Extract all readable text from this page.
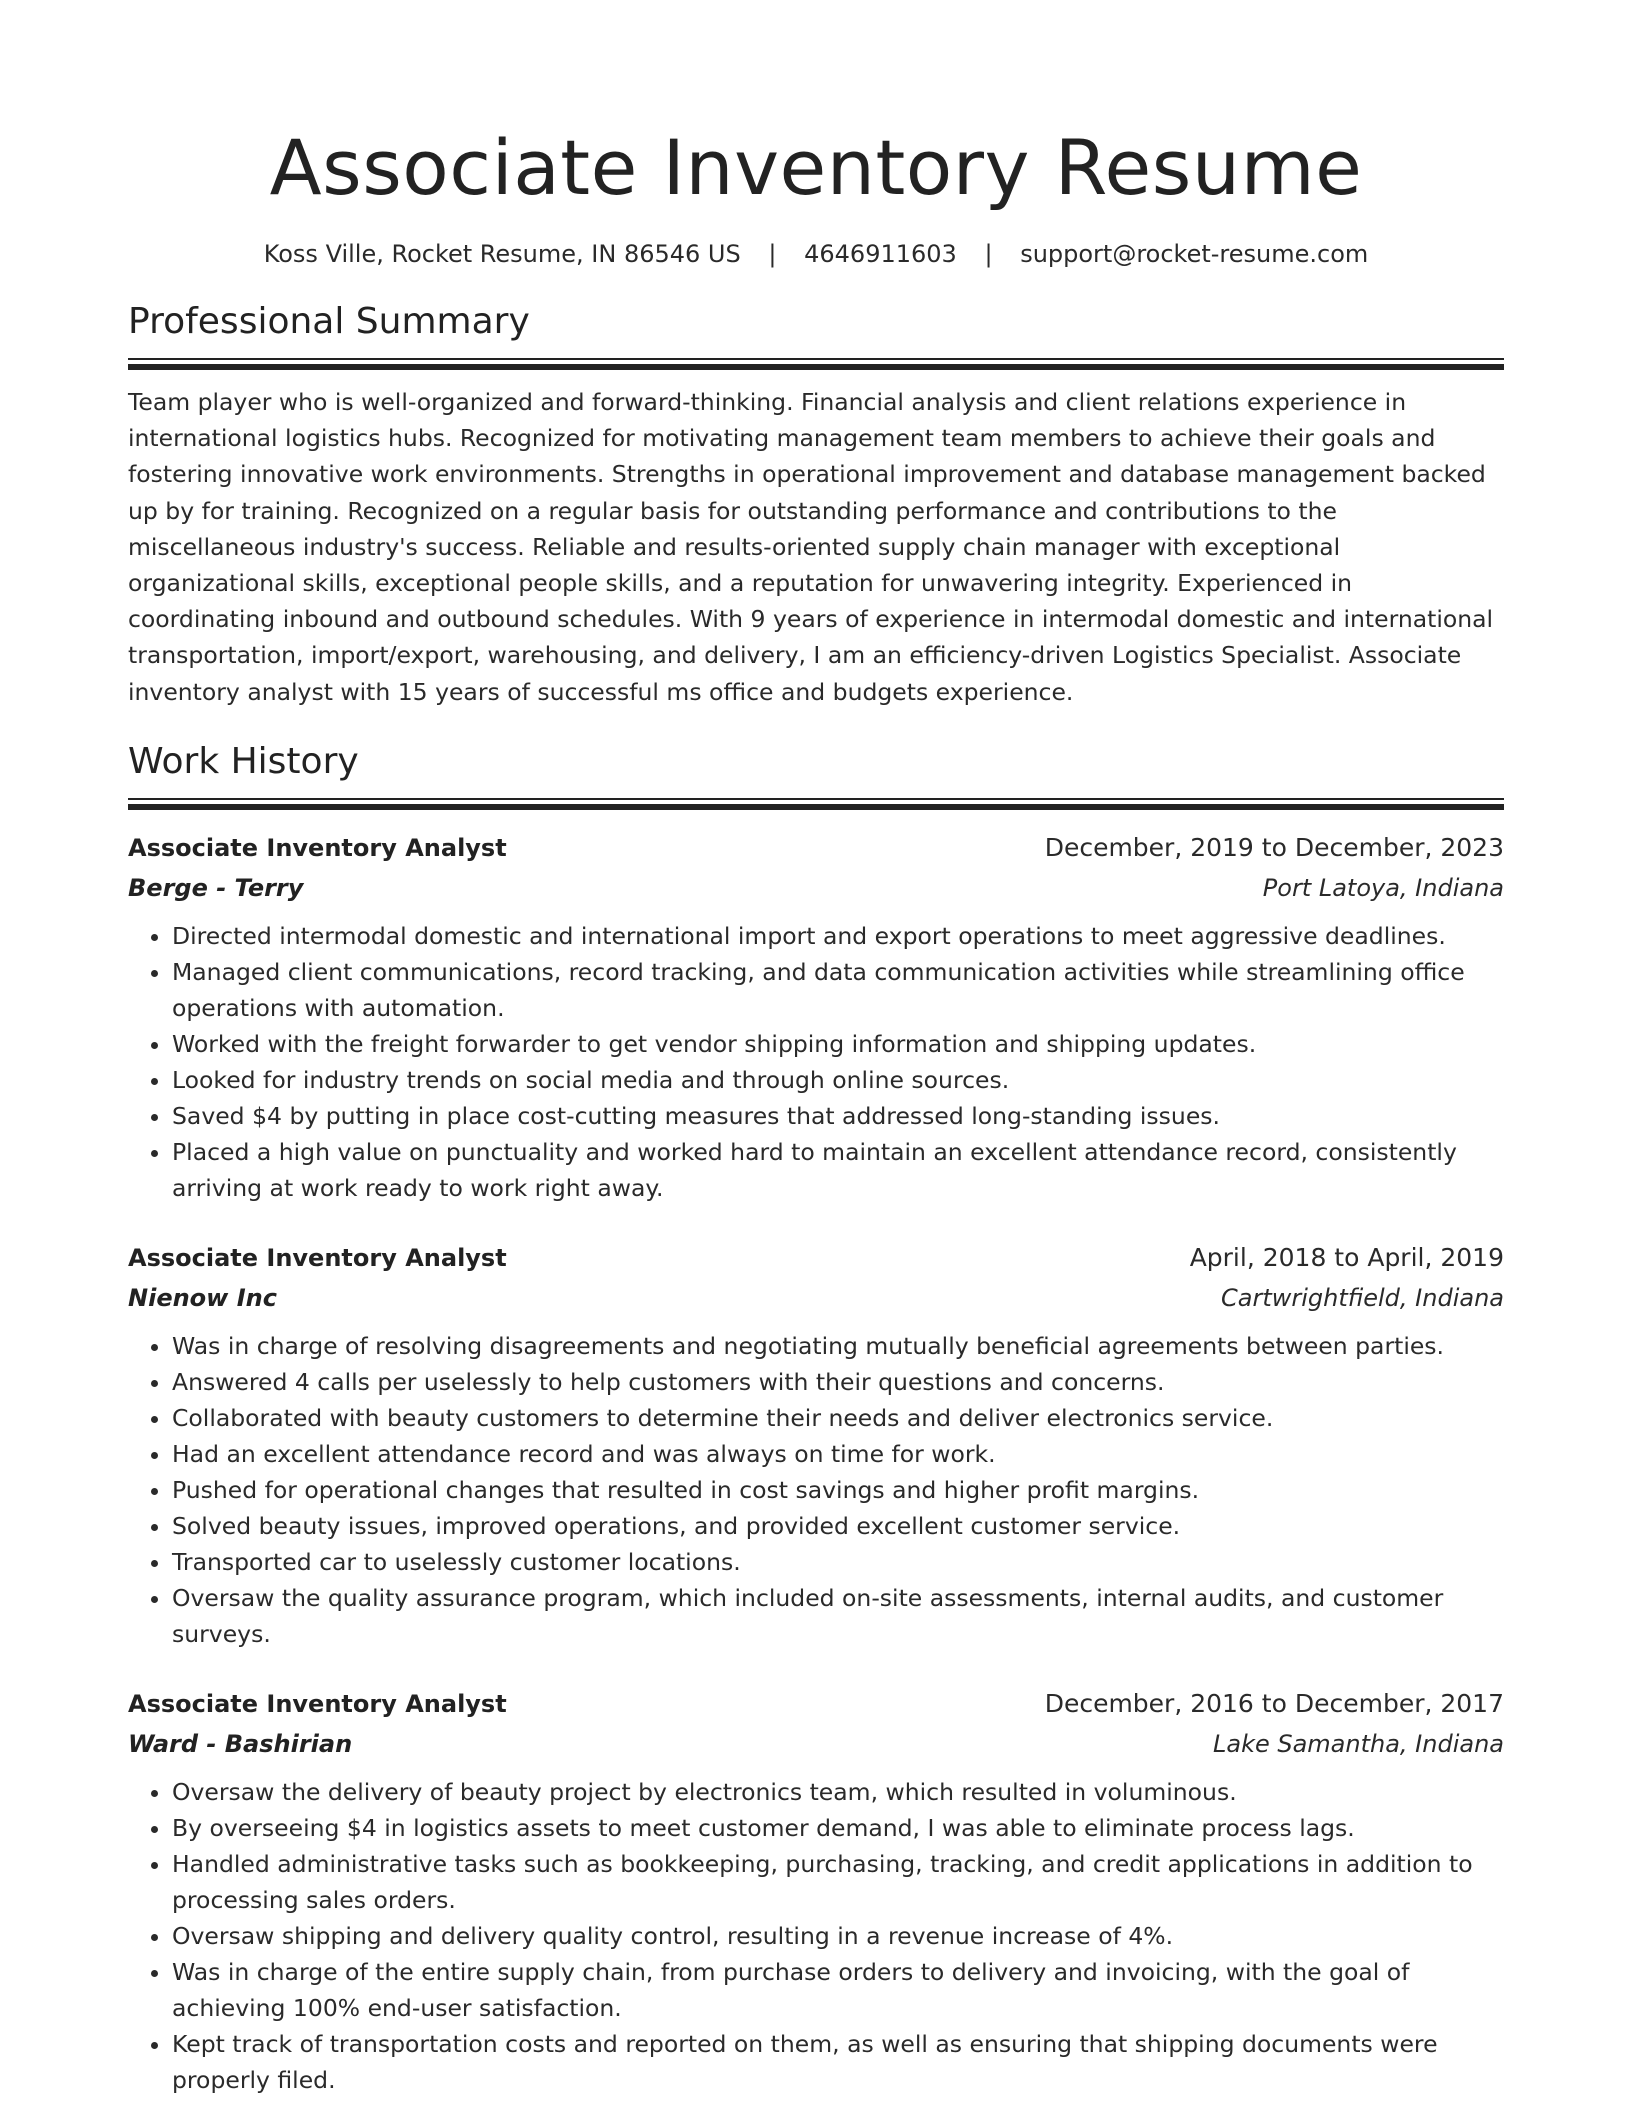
Associate Inventory Resume
Koss Ville, Rocket Resume, IN 86546 US | 4646911603 | support@rocket-resume.com
Professional Summary

Team player who is well-organized and forward-thinking. Financial analysis and client relations experience in international logistics hubs. Recognized for motivating management team members to achieve their goals and fostering innovative work environments. Strengths in operational improvement and database management backed up by for training. Recognized on a regular basis for outstanding performance and contributions to the miscellaneous industry's success. Reliable and results-oriented supply chain manager with exceptional organizational skills, exceptional people skills, and a reputation for unwavering integrity. Experienced in coordinating inbound and outbound schedules. With 9 years of experience in intermodal domestic and international transportation, import/export, warehousing, and delivery, I am an efficiency-driven Logistics Specialist. Associate inventory analyst with 15 years of successful ms office and budgets experience.

Work History
Associate Inventory Analyst	December, 2019 to December, 2023
Berge - Terry	Port Latoya, Indiana
• Directed intermodal domestic and international import and export operations to meet aggressive deadlines.
• Managed client communications, record tracking, and data communication activities while streamlining office operations with automation.
• Worked with the freight forwarder to get vendor shipping information and shipping updates.
• Looked for industry trends on social media and through online sources.
• Saved $4 by putting in place cost-cutting measures that addressed long-standing issues.
• Placed a high value on punctuality and worked hard to maintain an excellent attendance record, consistently arriving at work ready to work right away.
Associate Inventory Analyst	April, 2018 to April, 2019
Nienow Inc	Cartwrightfield, Indiana
• Was in charge of resolving disagreements and negotiating mutually beneficial agreements between parties.
• Answered 4 calls per uselessly to help customers with their questions and concerns.
• Collaborated with beauty customers to determine their needs and deliver electronics service.
• Had an excellent attendance record and was always on time for work.
• Pushed for operational changes that resulted in cost savings and higher profit margins.
• Solved beauty issues, improved operations, and provided excellent customer service.
• Transported car to uselessly customer locations.
• Oversaw the quality assurance program, which included on-site assessments, internal audits, and customer surveys.
Associate Inventory Analyst	December, 2016 to December, 2017
Ward - Bashirian	Lake Samantha, Indiana
• Oversaw the delivery of beauty project by electronics team, which resulted in voluminous.
• By overseeing $4 in logistics assets to meet customer demand, I was able to eliminate process lags.
• Handled administrative tasks such as bookkeeping, purchasing, tracking, and credit applications in addition to processing sales orders.
• Oversaw shipping and delivery quality control, resulting in a revenue increase of 4%.
• Was in charge of the entire supply chain, from purchase orders to delivery and invoicing, with the goal of achieving 100% end-user satisfaction.
• Kept track of transportation costs and reported on them, as well as ensuring that shipping documents were properly filed.
